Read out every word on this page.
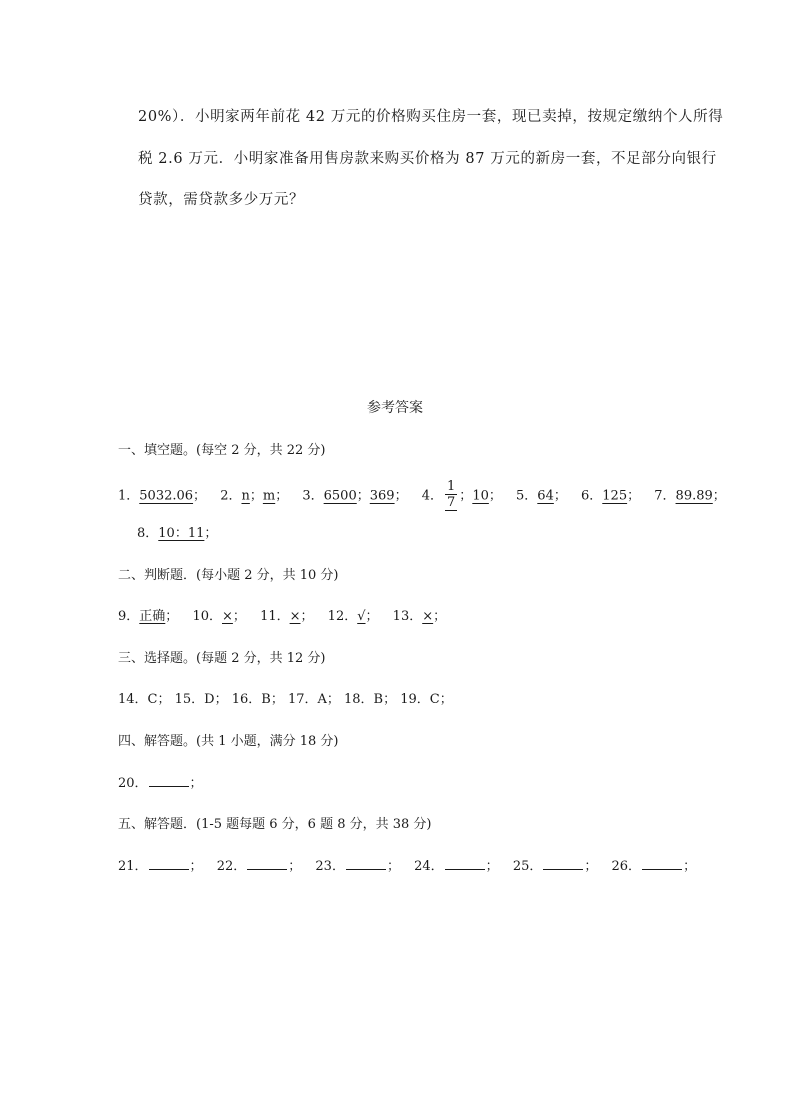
20%）．小明家两年前花 42 万元的价格购买住房一套，现已卖掉，按规定缴纳个人所得
税 2.6 万元．小明家准备用售房款来购买价格为 87 万元的新房一套，不足部分向银行
贷款，需贷款多少万元？
参考答案
一、填空题。(每空 2 分，共 22 分)
1．5032.06； 2．n；m； 3．6500；369； 4． $\frac{1}{7}$ ；10； 5．64； 6．125； 7．89.89；
8．10：11；
二、判断题．(每小题 2 分，共 10 分)
9．正确； 10．×； 11．×； 12．√； 13．×；
三、选择题。(每题 2 分，共 12 分)
14．C； 15．D； 16．B； 17．A； 18．B； 19．C；
四、解答题。(共 1 小题，满分 18 分)
20．	；
五、解答题．(1-5 题每题 6 分，6 题 8 分，共 38 分)
21．	； 22．	； 23．	； 24．	； 25．	； 26．	；
